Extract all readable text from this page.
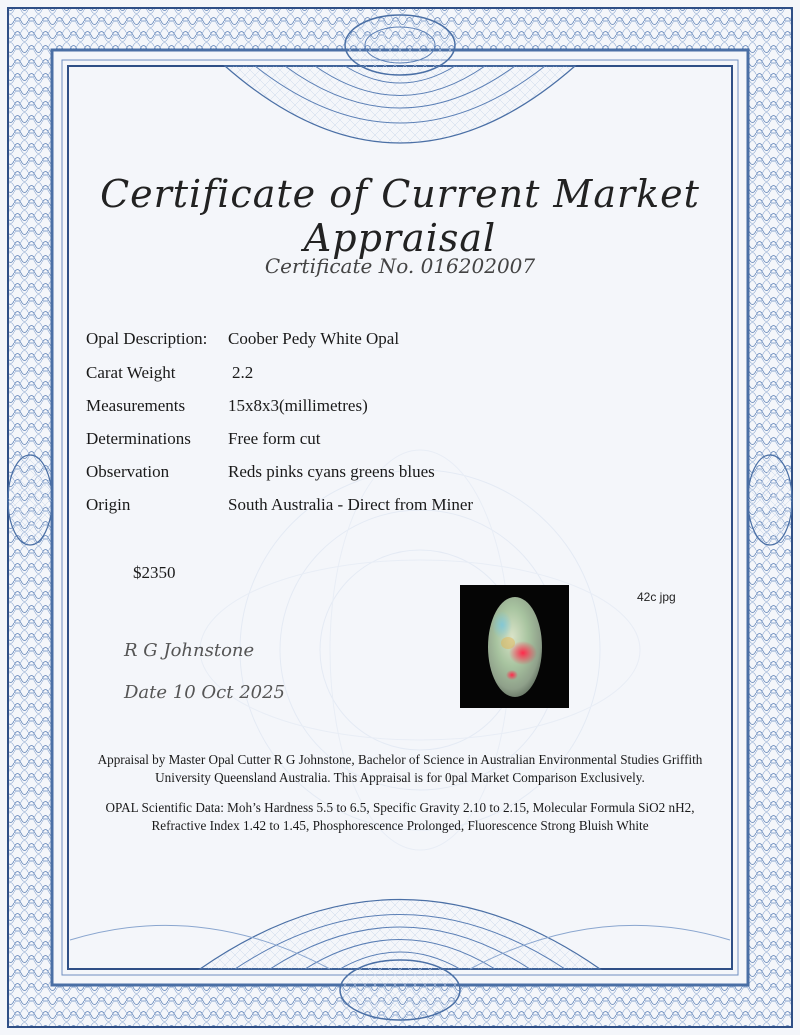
Certificate of Current Market Appraisal
Certificate No. 016202007
Opal Description: Coober Pedy White Opal
Carat Weight	2.2
Measurements	15x8x3(millimetres)
Determinations Free form cut
Observation	Reds pinks cyans greens blues
Origin	South Australia - Direct from Miner
$2350
R G Johnstone
Date 10 Oct 2025
42c jpg
Appraisal by Master Opal Cutter R G Johnstone, Bachelor of Science in Australian Environmental Studies Griffith University Queensland Australia. This Appraisal is for 0pal Market Comparison Exclusively.
OPAL Scientific Data: Moh’s Hardness 5.5 to 6.5, Specific Gravity 2.10 to 2.15, Molecular Formula SiO2 nH2, Refractive Index 1.42 to 1.45, Phosphorescence Prolonged, Fluorescence Strong Bluish White
